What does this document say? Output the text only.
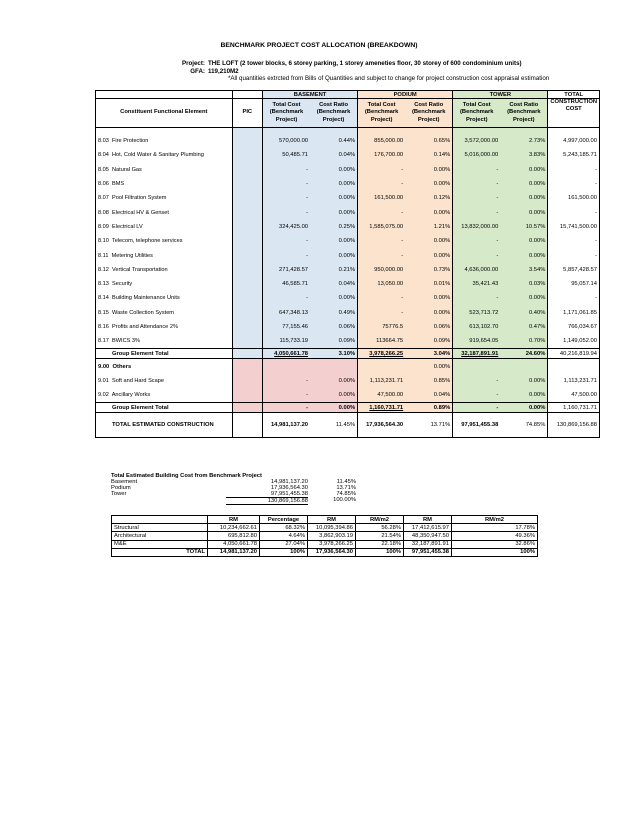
BENCHMARK PROJECT COST ALLOCATION (BREAKDOWN)
Project: THE LOFT (2 tower blocks, 6 storey parking, 1 storey ameneties floor, 30 storey of 600 condominium units)
GFA: 119,210M2
*All quantities extrcted from Bills of Quantities and subject to change for project construction cost appraisal estimation
		BASEMENT		PODIUM		TOWER		TOTAL
Constituent Functional Element	PIC	Total Cost (Benchmark Project)	Cost Ratio (Benchmark Project)	Total Cost (Benchmark Project)	Cost Ratio (Benchmark Project)	Total Cost (Benchmark Project)	Cost Ratio (Benchmark Project)	CONSTRUCTION COST

8.03 Fire Protection		570,000.00	0.44%	855,000.00	0.65%	3,572,000.00	2.73%	4,997,000.00
8.04 Hot, Cold Water & Sanitary Plumbing		50,485.71	0.04%	176,700.00	0.14%	5,016,000.00	3.83%	5,243,185.71
8.05 Natural Gas		-	0.00%	-	0.00%	-	0.00%	-
8.06 BMS		-	0.00%	-	0.00%	-	0.00%	-
8.07 Pool Filtration System		-	0.00%	161,500.00	0.12%	-	0.00%	161,500.00
8.08 Electrical HV & Genset		-	0.00%	-	0.00%	-	0.00%	-
8.09 Electrical LV		324,425.00	0.25%	1,585,075.00	1.21%	13,832,000.00	10.57%	15,741,500.00
8.10 Telecom, telephone services		-	0.00%	-	0.00%	-	0.00%	-
8.11 Metering Utilities		-	0.00%	-	0.00%	-	0.00%	-
8.12 Vertical Transportation		271,428.57	0.21%	950,000.00	0.73%	4,636,000.00	3.54%	5,857,428.57
8.13 Security		46,585.71	0.04%	13,050.00	0.01%	35,421.43	0.03%	95,057.14
8.14 Building Maintenance Units		-	0.00%	-	0.00%	-	0.00%	-
8.15 Waste Collection System		647,348.13	0.49%	-	0.00%	523,713.72	0.40%	1,171,061.85
8.16 Profits and Attendance 2%		77,155.46	0.06%	75776.5	0.06%	613,102.70	0.47%	766,034.67
8.17 BWICS 3%		115,733.19	0.09%	113664.75	0.09%	919,654.05	0.70%	1,149,052.00
Group Element Total		4,050,661.78	3.10%	3,978,266.25	3.04%	32,187,891.91	24.60%	40,216,819.94
9.00 Others					0.00%			
9.01 Soft and Hard Scape		-	0.00%	1,113,231.71	0.85%	-	0.00%	1,113,231.71
9.02 Ancillary Works		-	0.00%	47,500.00	0.04%	-	0.00%	47,500.00
Group Element Total		-	0.00%	1,160,731.71	0.89%	-	0.00%	1,160,731.71
TOTAL ESTIMATED CONSTRUCTION		14,981,137.20	11.45%	17,936,564.30	13.71%	97,951,455.38	74.85%	130,869,156.88
Total Estimated Building Cost from Benchmark Project
Basement	14,981,137.20	11.45%
Podium	17,936,564.30	13.71%
Tower	97,951,455.38	74.85%
130,869,156.88	100.00%
	RM	Percentage	RM	RM/m2	RM	RM/m2
Structural	10,234,662.61	68.32%	10,095,394.86	56.28%	17,412,615.97	17.78%
Architectural	695,812.80	4.64%	3,862,903.19	21.54%	48,350,947.50	49.36%
M&E	4,050,661.78	27.04%	3,978,266.25	22.18%	32,187,891.91	32.86%
TOTAL	14,981,137.20	100%	17,936,564.30	100%	97,951,455.38	100%
